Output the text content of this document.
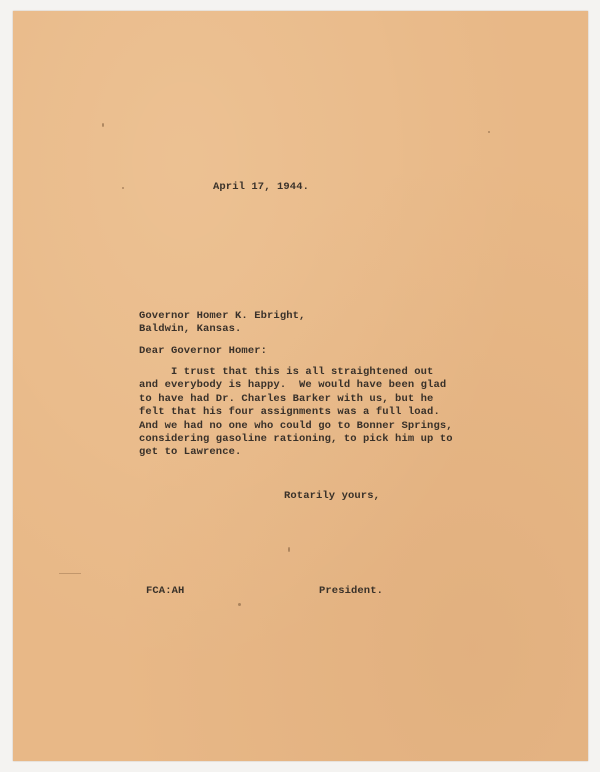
April 17, 1944.

Governor Homer K. Ebright,
Baldwin, Kansas.

Dear Governor Homer:

I trust that this is all straightened out
and everybody is happy.  We would have been glad
to have had Dr. Charles Barker with us, but he
felt that his four assignments was a full load.
And we had no one who could go to Bonner Springs,
considering gasoline rationing, to pick him up to
get to Lawrence.

Rotarily yours,

FCA:AH	President.
